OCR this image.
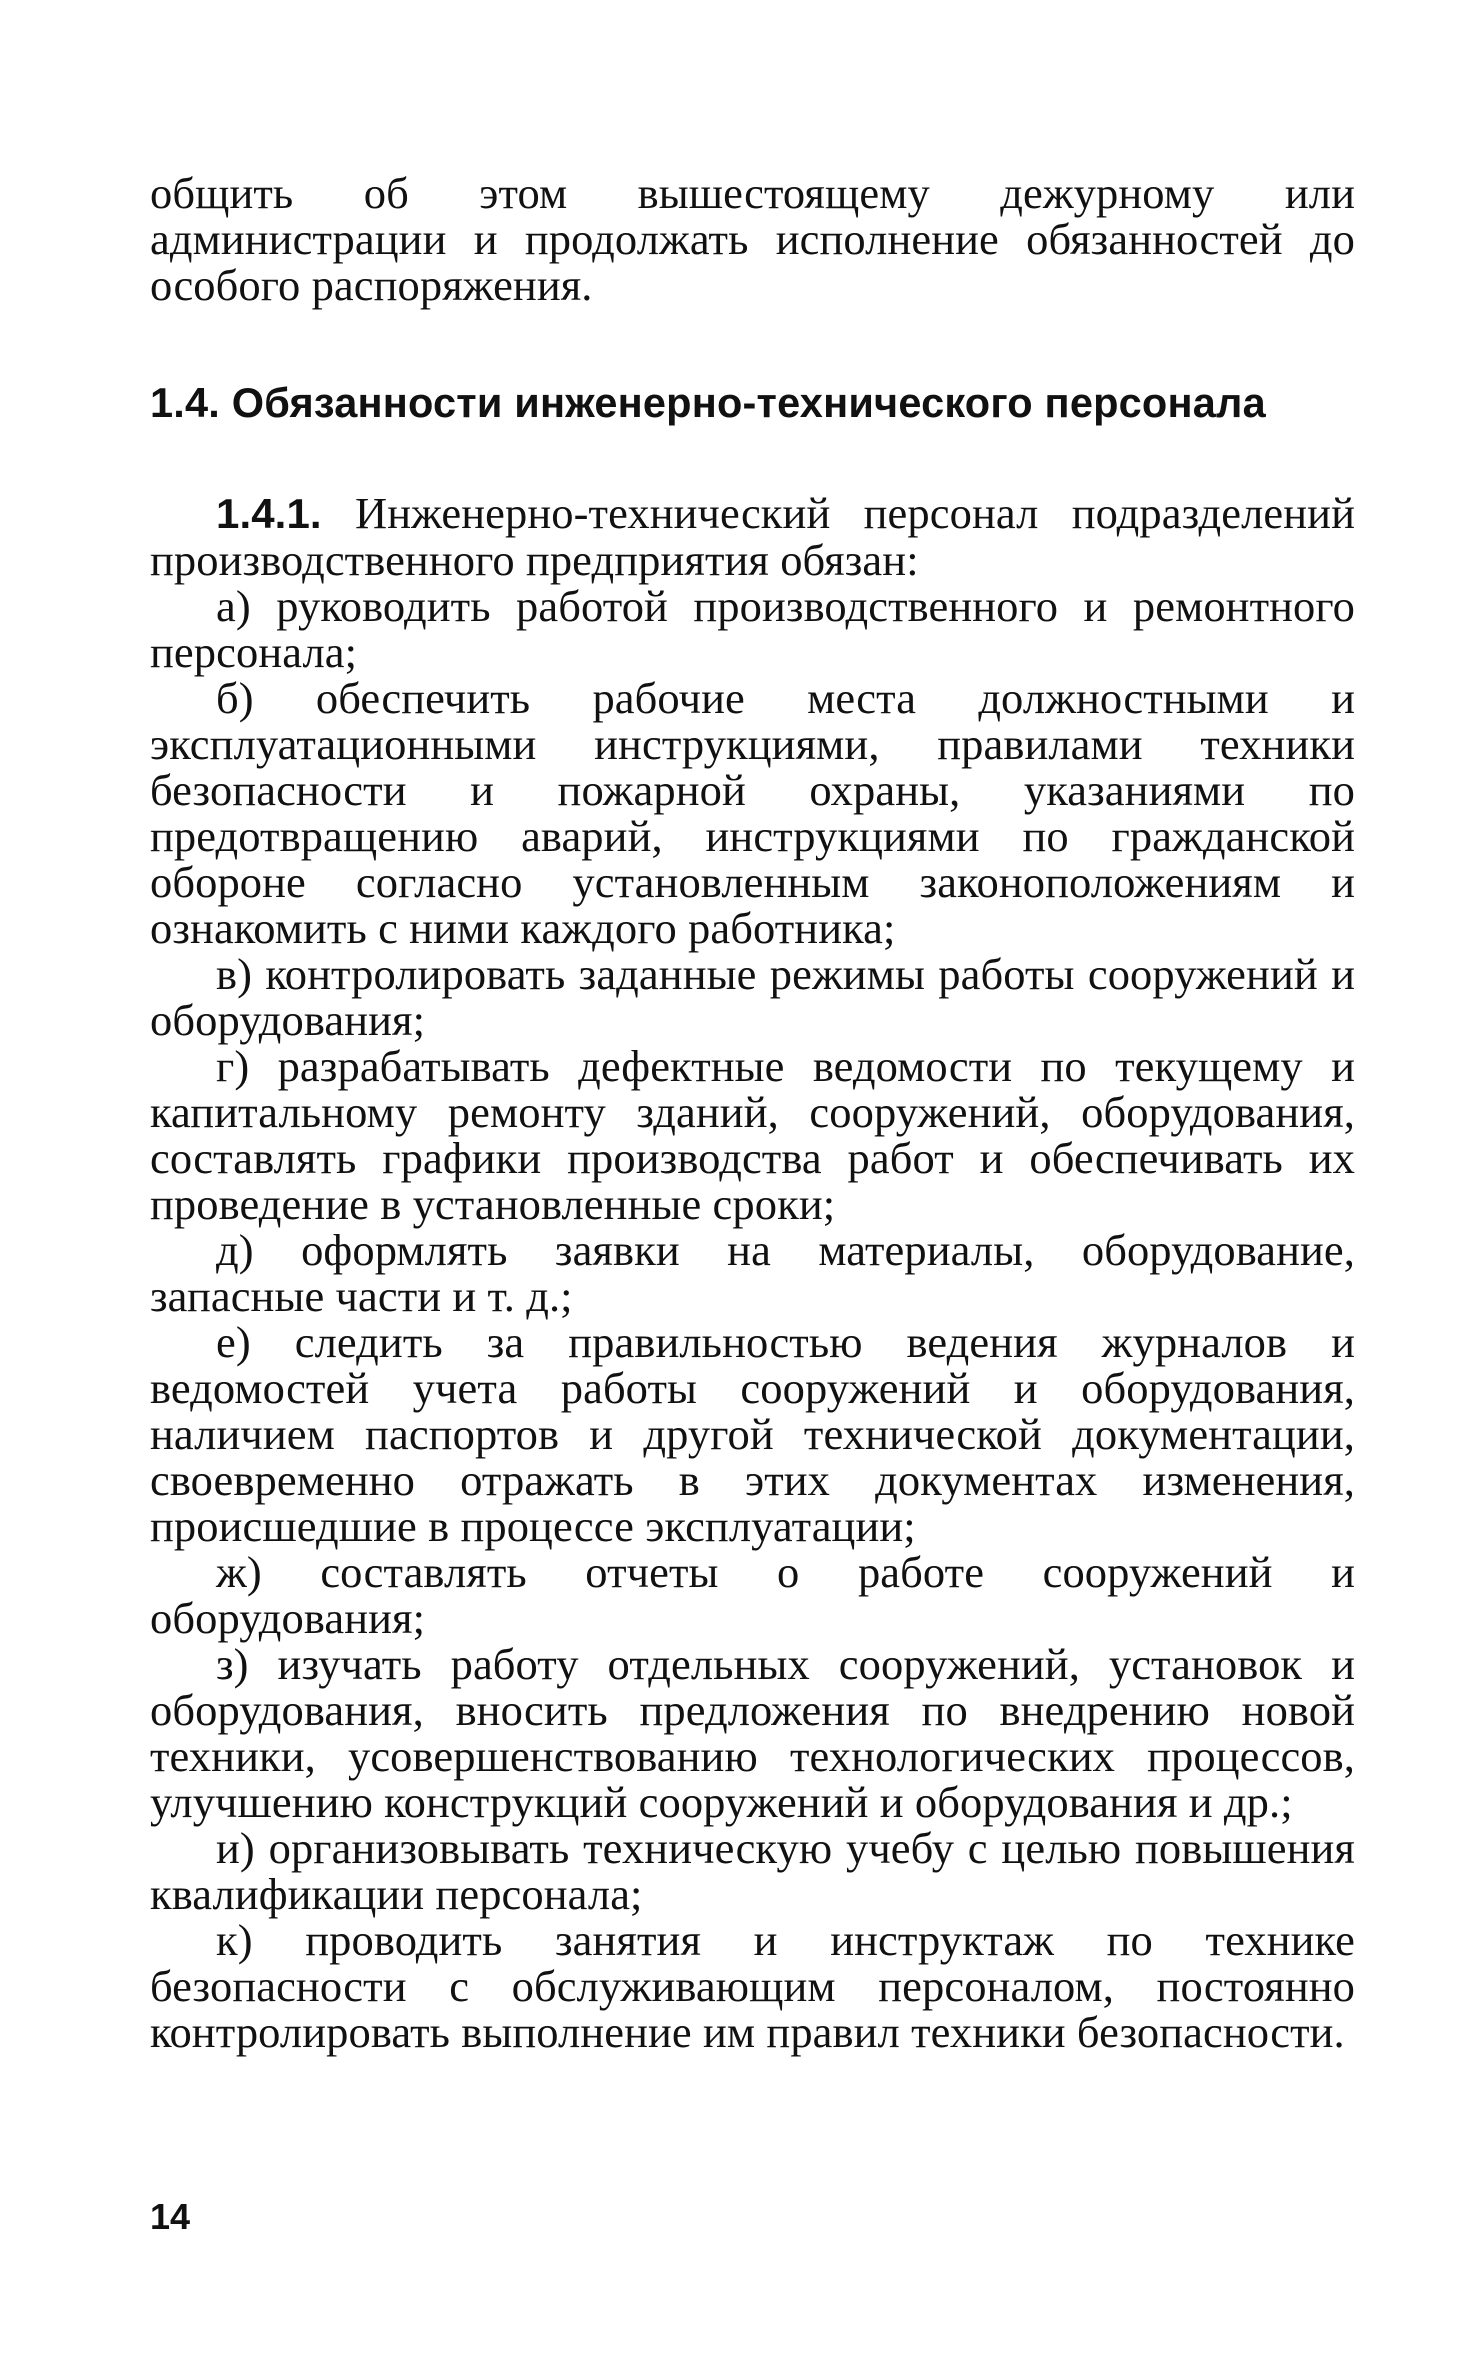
общить об этом вышестоящему дежурному или администрации и продолжать исполнение обязанностей до особого распоряжения.

1.4. Обязанности инженерно-технического персонала

1.4.1. Инженерно-технический персонал подразделений производственного предприятия обязан:

а) руководить работой производственного и ремонтного персонала;

б) обеспечить рабочие места должностными и эксплуатационными инструкциями, правилами техники безопасности и пожарной охраны, указаниями по предотвращению аварий, инструкциями по гражданской обороне согласно установленным законоположениям и ознакомить с ними каждого работника;

в) контролировать заданные режимы работы сооружений и оборудования;

г) разрабатывать дефектные ведомости по текущему и капитальному ремонту зданий, сооружений, оборудования, составлять графики производства работ и обеспечивать их проведение в установленные сроки;

д) оформлять заявки на материалы, оборудование, запасные части и т. д.;

е) следить за правильностью ведения журналов и ведомостей учета работы сооружений и оборудования, наличием паспортов и другой технической документации, своевременно отражать в этих документах изменения, происшедшие в процессе эксплуатации;

ж) составлять отчеты о работе сооружений и оборудования;

з) изучать работу отдельных сооружений, установок и оборудования, вносить предложения по внедрению новой техники, усовершенствованию технологических процессов, улучшению конструкций сооружений и оборудования и др.;

и) организовывать техническую учебу с целью повышения квалификации персонала;

к) проводить занятия и инструктаж по технике безопасности с обслуживающим персоналом, постоянно контролировать выполнение им правил техники безопасности.

14
